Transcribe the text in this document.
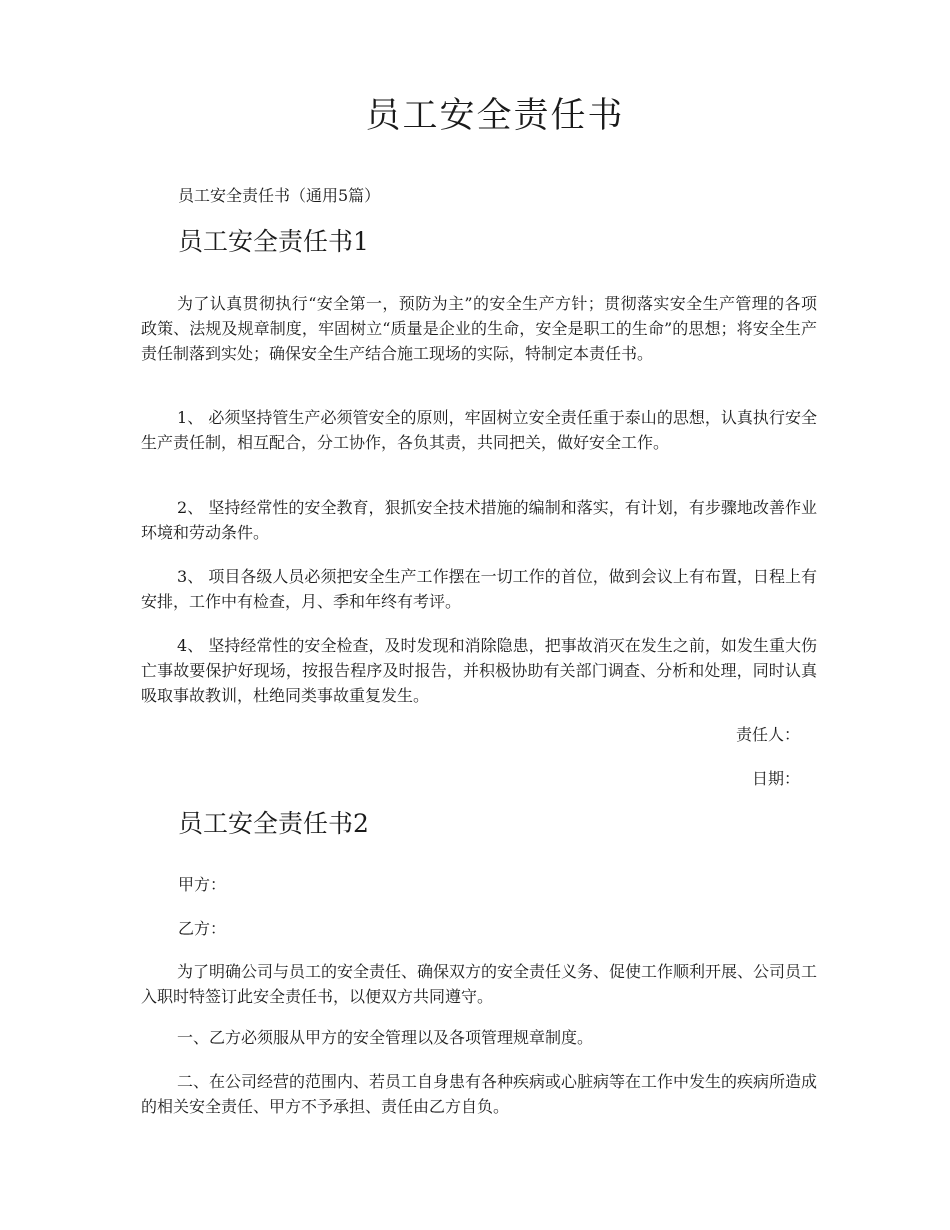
员工安全责任书
员工安全责任书（通用5篇）
员工安全责任书1
为了认真贯彻执行“安全第一，预防为主”的安全生产方针；贯彻落实安全生产管理的各项政策、法规及规章制度，牢固树立“质量是企业的生命，安全是职工的生命”的思想；将安全生产责任制落到实处；确保安全生产结合施工现场的实际，特制定本责任书。
1、 必须坚持管生产必须管安全的原则，牢固树立安全责任重于泰山的思想，认真执行安全生产责任制，相互配合，分工协作，各负其责，共同把关，做好安全工作。
2、 坚持经常性的安全教育，狠抓安全技术措施的编制和落实，有计划，有步骤地改善作业环境和劳动条件。
3、 项目各级人员必须把安全生产工作摆在一切工作的首位，做到会议上有布置，日程上有安排，工作中有检查，月、季和年终有考评。
4、 坚持经常性的安全检查，及时发现和消除隐患，把事故消灭在发生之前，如发生重大伤亡事故要保护好现场，按报告程序及时报告，并积极协助有关部门调查、分析和处理，同时认真吸取事故教训，杜绝同类事故重复发生。
责任人：
日期：
员工安全责任书2
甲方：
乙方：
为了明确公司与员工的安全责任、确保双方的安全责任义务、促使工作顺利开展、公司员工入职时特签订此安全责任书，以便双方共同遵守。
一、乙方必须服从甲方的安全管理以及各项管理规章制度。
二、在公司经营的范围内、若员工自身患有各种疾病或心脏病等在工作中发生的疾病所造成的相关安全责任、甲方不予承担、责任由乙方自负。
